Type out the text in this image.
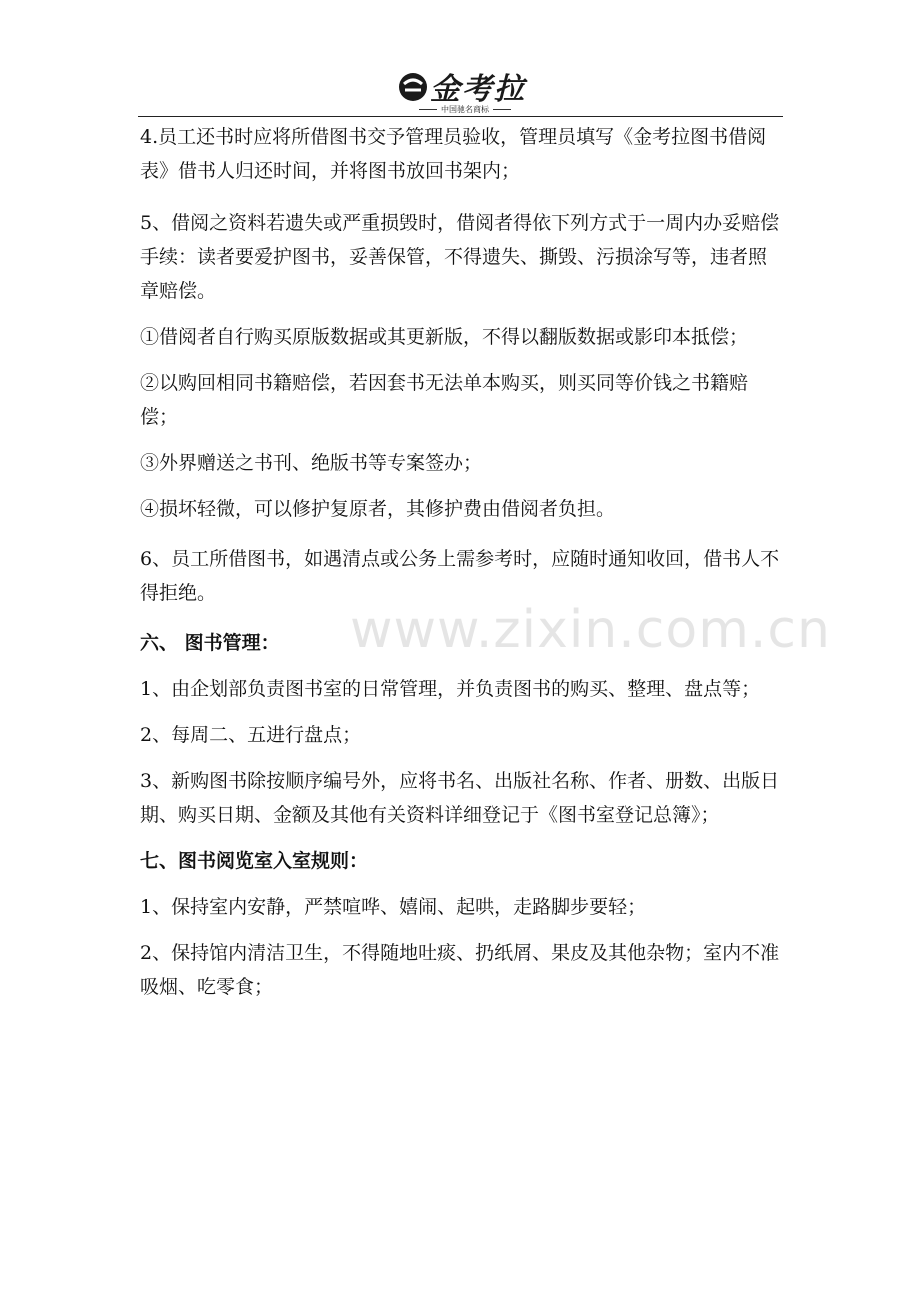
金考拉
中国驰名商标
www.zixin.com.cn

4.员工还书时应将所借图书交予管理员验收，管理员填写《金考拉图书借阅表》借书人归还时间，并将图书放回书架内；

5、借阅之资料若遗失或严重损毁时，借阅者得依下列方式于一周内办妥赔偿手续：读者要爱护图书，妥善保管，不得遗失、撕毁、污损涂写等，违者照章赔偿。

①借阅者自行购买原版数据或其更新版，不得以翻版数据或影印本抵偿；

②以购回相同书籍赔偿，若因套书无法单本购买，则买同等价钱之书籍赔偿；

③外界赠送之书刊、绝版书等专案签办；

④损坏轻微，可以修护复原者，其修护费由借阅者负担。

6、员工所借图书，如遇清点或公务上需参考时，应随时通知收回，借书人不得拒绝。

六、 图书管理：

1、由企划部负责图书室的日常管理，并负责图书的购买、整理、盘点等；

2、每周二、五进行盘点；

3、新购图书除按顺序编号外，应将书名、出版社名称、作者、册数、出版日期、购买日期、金额及其他有关资料详细登记于《图书室登记总簿》；

七、图书阅览室入室规则：

1、保持室内安静，严禁喧哗、嬉闹、起哄，走路脚步要轻；

2、保持馆内清洁卫生，不得随地吐痰、扔纸屑、果皮及其他杂物；室内不准吸烟、吃零食；
